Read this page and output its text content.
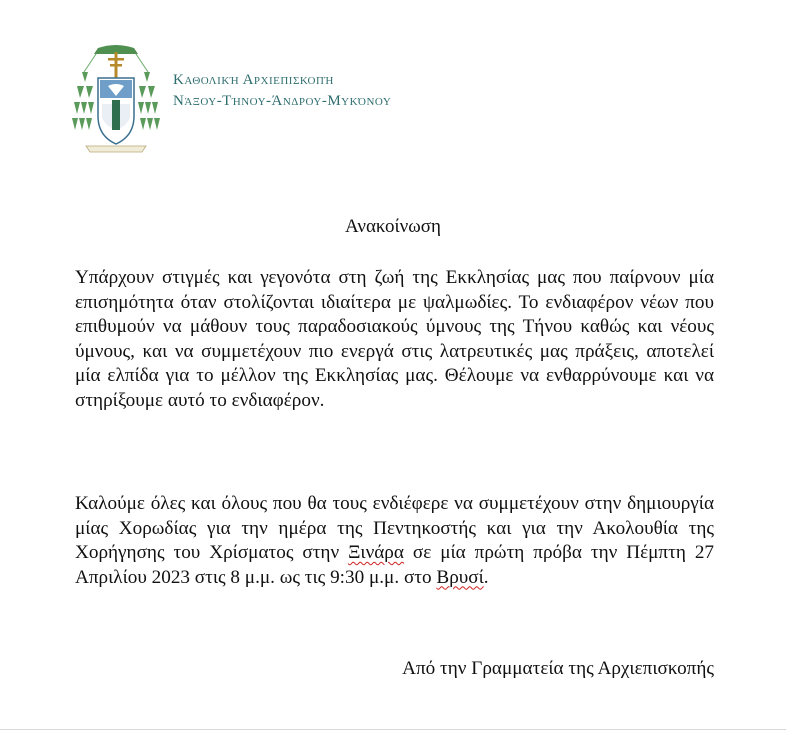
Καθολική Αρχιεπισκοπή
Νάξου-Τήνου-Άνδρου-Μυκόνου
Ανακοίνωση
Υπάρχουν στιγμές και γεγονότα στη ζωή της Εκκλησίας μας που παίρνουν μία επισημότητα όταν στολίζονται ιδιαίτερα με ψαλμωδίες. Το ενδιαφέρον νέων που επιθυμούν να μάθουν τους παραδοσιακούς ύμνους της Τήνου καθώς και νέους ύμνους, και να συμμετέχουν πιο ενεργά στις λατρευτικές μας πράξεις, αποτελεί μία ελπίδα για το μέλλον της Εκκλησίας μας. Θέλουμε να ενθαρρύνουμε και να στηρίξουμε αυτό το ενδιαφέρον.
Καλούμε όλες και όλους που θα τους ενδιέφερε να συμμετέχουν στην δημιουργία μίας Χορωδίας για την ημέρα της Πεντηκοστής και για την Ακολουθία της Χορήγησης του Χρίσματος στην Ξινάρα σε μία πρώτη πρόβα την Πέμπτη 27 Απριλίου 2023 στις 8 μ.μ. ως τις 9:30 μ.μ. στο Βρυσί.
Από την Γραμματεία της Αρχιεπισκοπής
